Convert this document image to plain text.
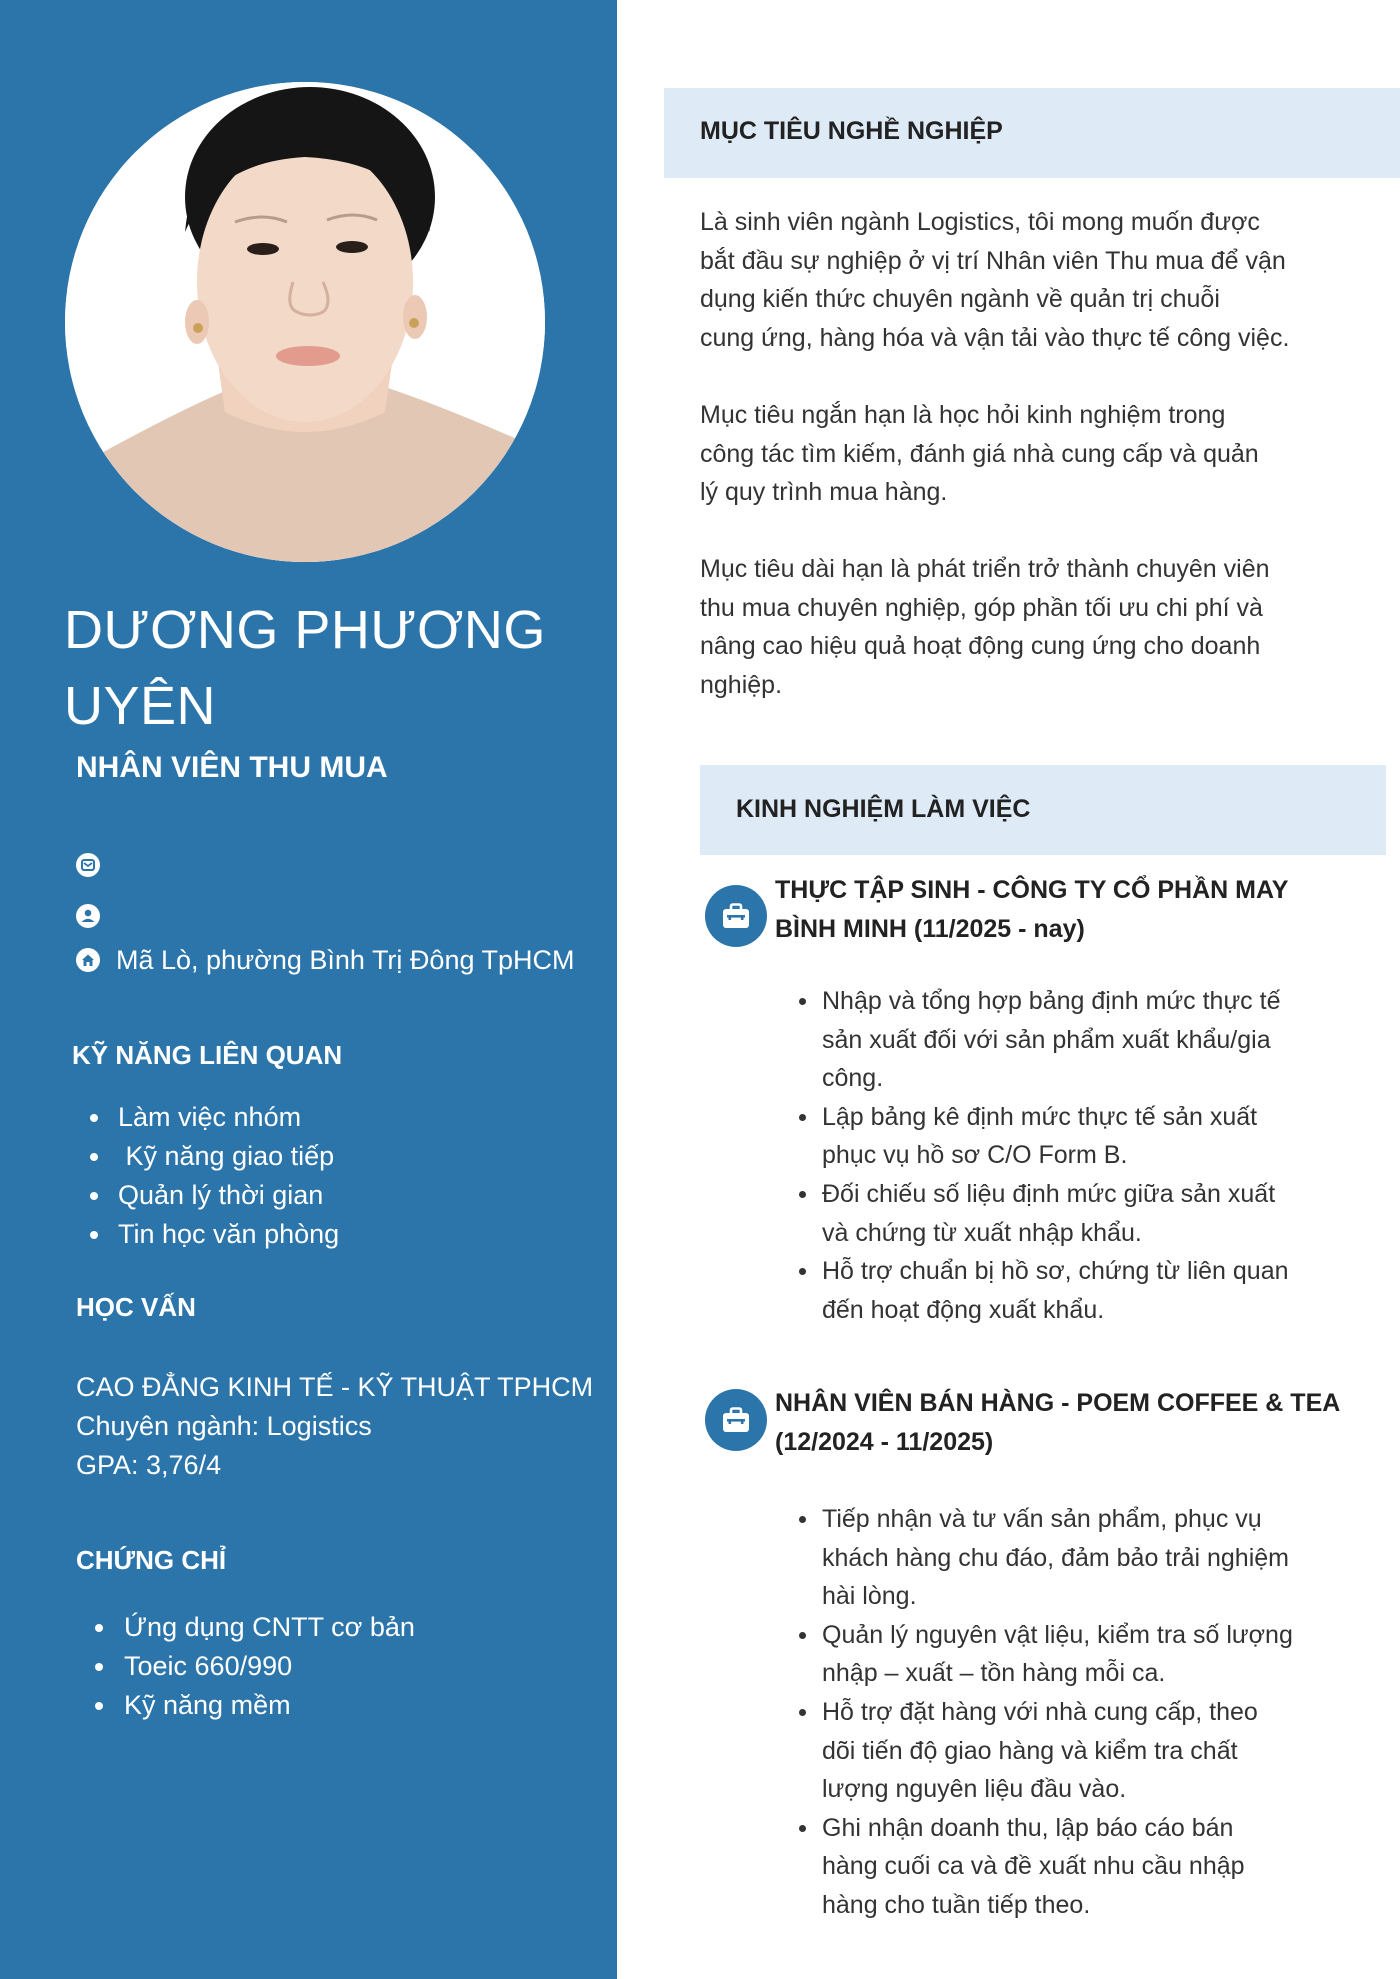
DƯƠNG PHƯƠNG
UYÊN
NHÂN VIÊN THU MUA
Mã Lò, phường Bình Trị Đông TpHCM
KỸ NĂNG LIÊN QUAN
Làm việc nhóm
Kỹ năng giao tiếp
Quản lý thời gian
Tin học văn phòng
HỌC VẤN
CAO ĐẲNG KINH TẾ - KỸ THUẬT TPHCM
Chuyên ngành: Logistics
GPA: 3,76/4
CHỨNG CHỈ
Ứng dụng CNTT cơ bản
Toeic 660/990
Kỹ năng mềm
MỤC TIÊU NGHỀ NGHIỆP
Là sinh viên ngành Logistics, tôi mong muốn được
bắt đầu sự nghiệp ở vị trí Nhân viên Thu mua để vận
dụng kiến thức chuyên ngành về quản trị chuỗi
cung ứng, hàng hóa và vận tải vào thực tế công việc.
Mục tiêu ngắn hạn là học hỏi kinh nghiệm trong
công tác tìm kiếm, đánh giá nhà cung cấp và quản
lý quy trình mua hàng.
Mục tiêu dài hạn là phát triển trở thành chuyên viên
thu mua chuyên nghiệp, góp phần tối ưu chi phí và
nâng cao hiệu quả hoạt động cung ứng cho doanh
nghiệp.
KINH NGHIỆM LÀM VIỆC
THỰC TẬP SINH - CÔNG TY CỔ PHẦN MAY
BÌNH MINH (11/2025 - nay)
Nhập và tổng hợp bảng định mức thực tế
sản xuất đối với sản phẩm xuất khẩu/gia
công.
Lập bảng kê định mức thực tế sản xuất
phục vụ hồ sơ C/O Form B.
Đối chiếu số liệu định mức giữa sản xuất
và chứng từ xuất nhập khẩu.
Hỗ trợ chuẩn bị hồ sơ, chứng từ liên quan
đến hoạt động xuất khẩu.
NHÂN VIÊN BÁN HÀNG - POEM COFFEE & TEA
(12/2024 - 11/2025)
Tiếp nhận và tư vấn sản phẩm, phục vụ
khách hàng chu đáo, đảm bảo trải nghiệm
hài lòng.
Quản lý nguyên vật liệu, kiểm tra số lượng
nhập – xuất – tồn hàng mỗi ca.
Hỗ trợ đặt hàng với nhà cung cấp, theo
dõi tiến độ giao hàng và kiểm tra chất
lượng nguyên liệu đầu vào.
Ghi nhận doanh thu, lập báo cáo bán
hàng cuối ca và đề xuất nhu cầu nhập
hàng cho tuần tiếp theo.
